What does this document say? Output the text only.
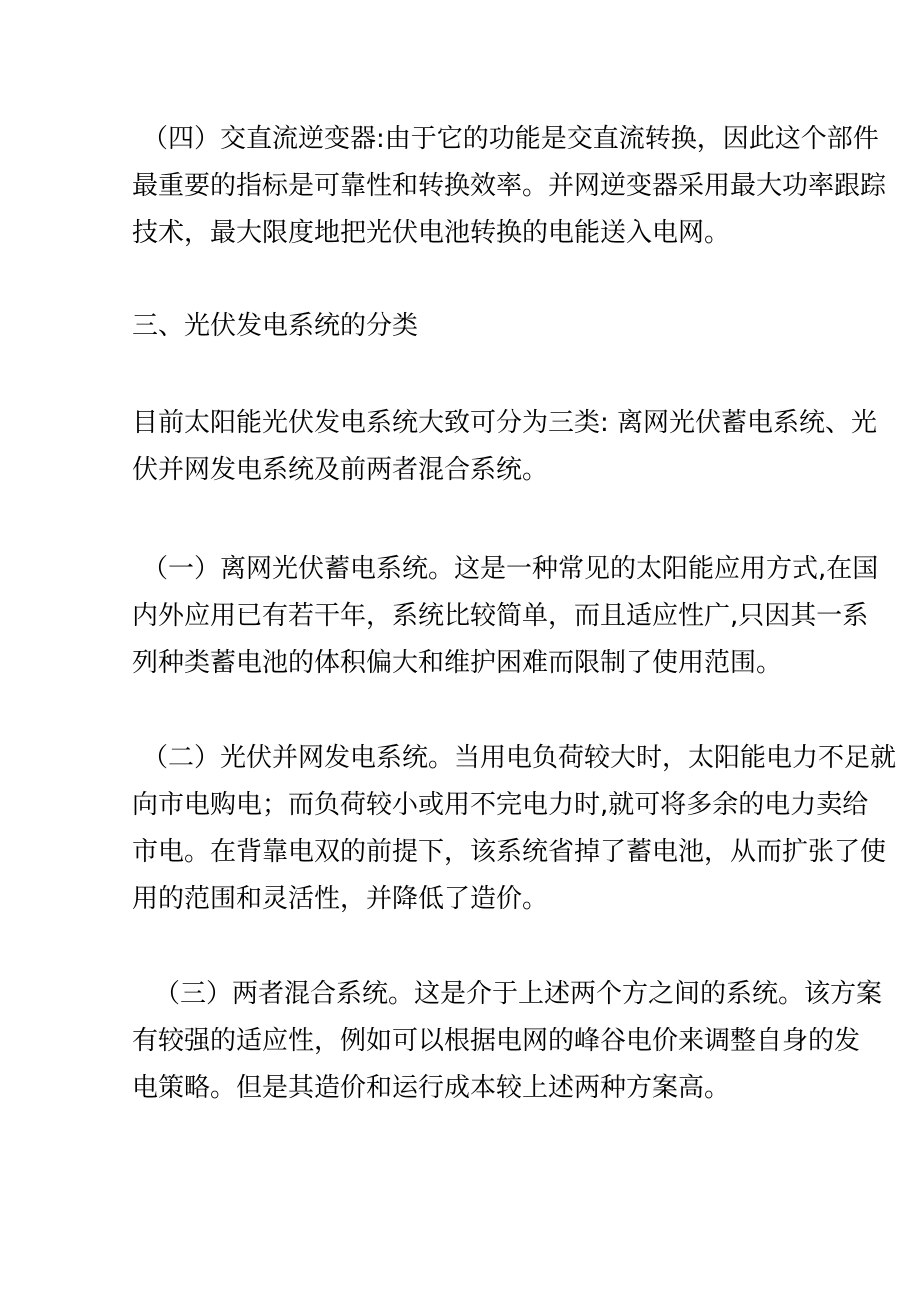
（四）交直流逆变器:由于它的功能是交直流转换，因此这个部件
最重要的指标是可靠性和转换效率。并网逆变器采用最大功率跟踪
技术，最大限度地把光伏电池转换的电能送入电网。

三、光伏发电系统的分类

目前太阳能光伏发电系统大致可分为三类: 离网光伏蓄电系统、光
伏并网发电系统及前两者混合系统。

（一）离网光伏蓄电系统。这是一种常见的太阳能应用方式,在国
内外应用已有若干年，系统比较简单，而且适应性广,只因其一系
列种类蓄电池的体积偏大和维护困难而限制了使用范围。

（二）光伏并网发电系统。当用电负荷较大时，太阳能电力不足就
向市电购电；而负荷较小或用不完电力时,就可将多余的电力卖给
市电。在背靠电双的前提下，该系统省掉了蓄电池，从而扩张了使
用的范围和灵活性，并降低了造价。

（三）两者混合系统。这是介于上述两个方之间的系统。该方案
有较强的适应性，例如可以根据电网的峰谷电价来调整自身的发
电策略。但是其造价和运行成本较上述两种方案高。
